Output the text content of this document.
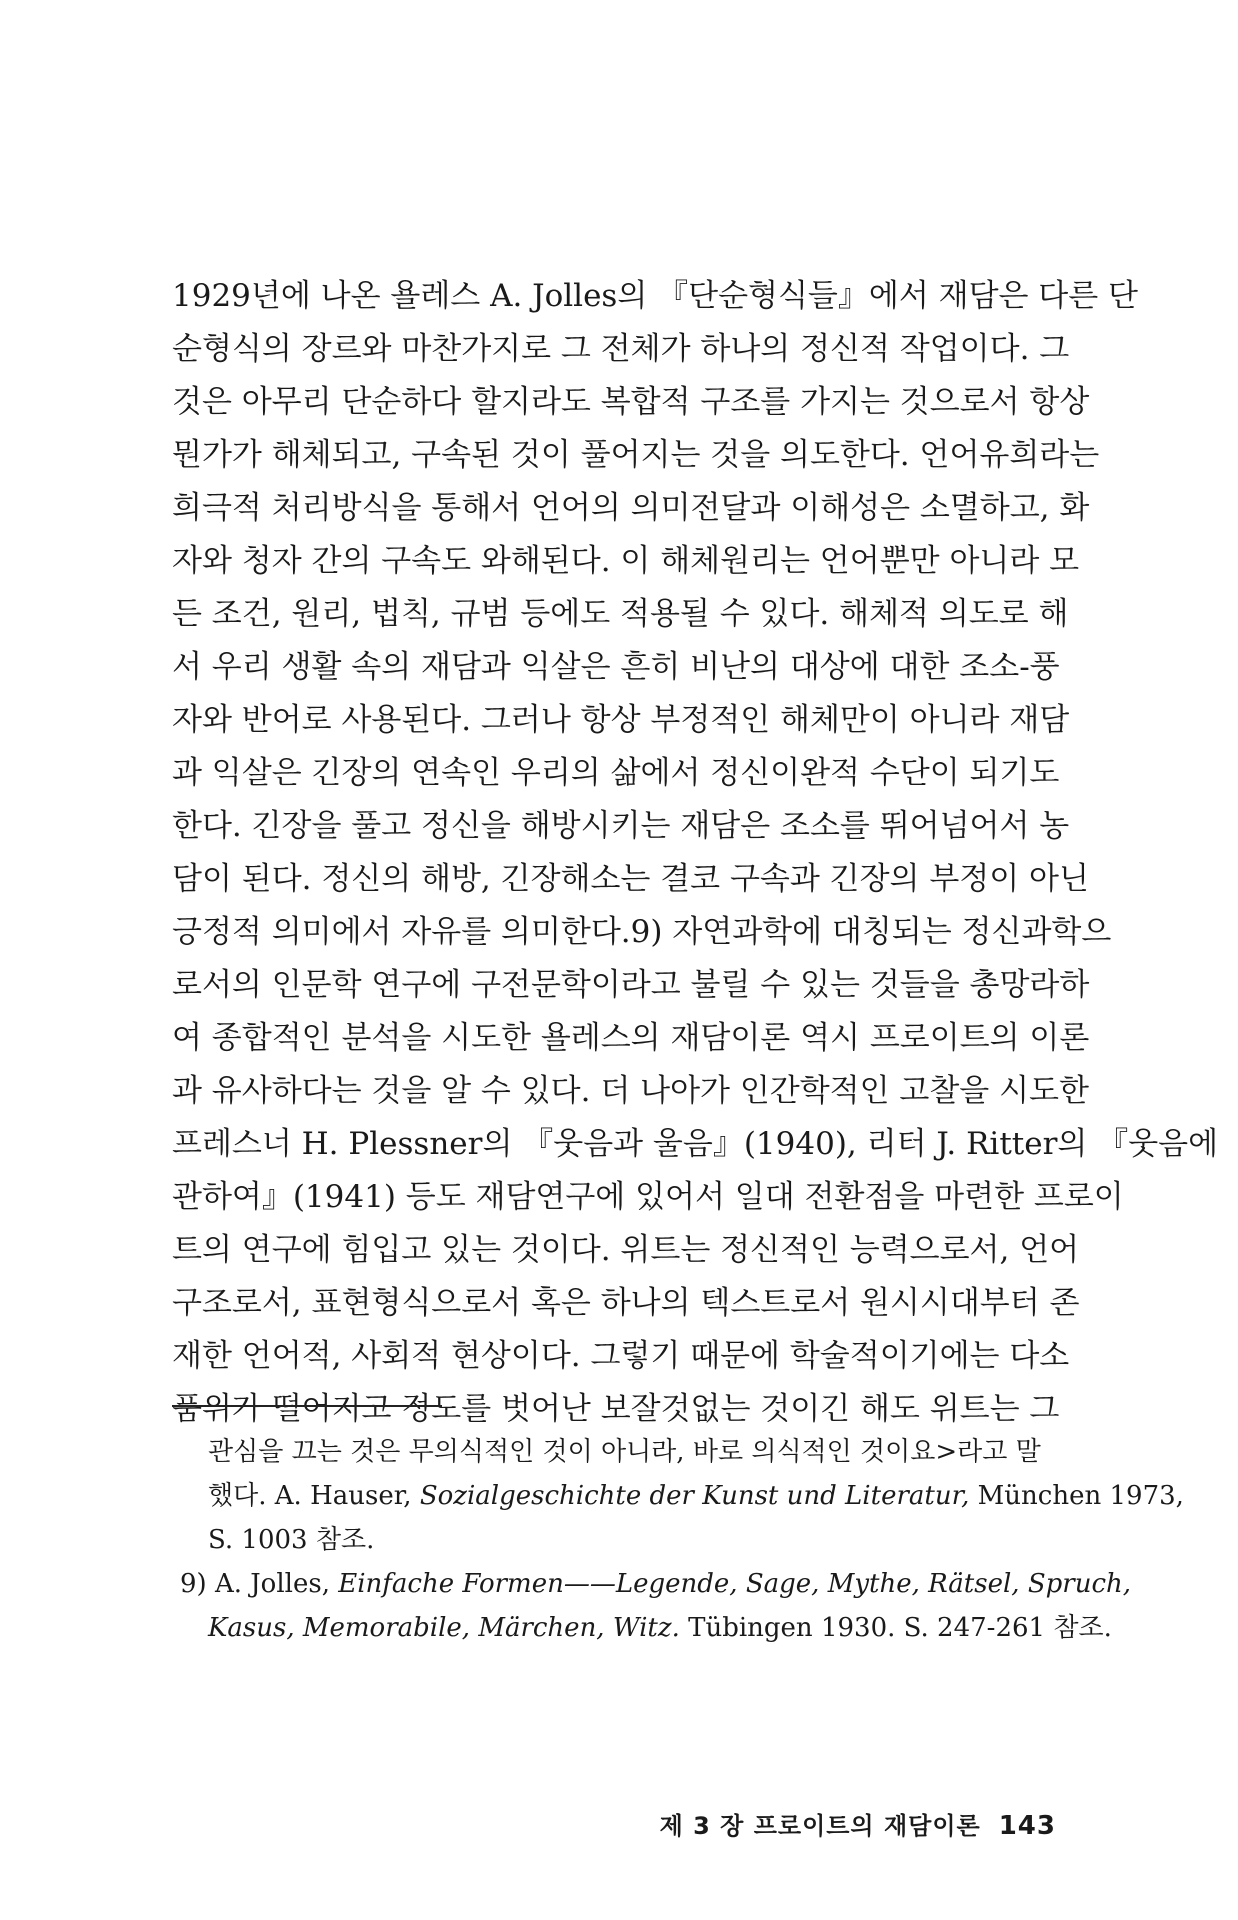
1929년에 나온 욜레스 A. Jolles의 『단순형식들』에서 재담은 다른 단
순형식의 장르와 마찬가지로 그 전체가 하나의 정신적 작업이다. 그
것은 아무리 단순하다 할지라도 복합적 구조를 가지는 것으로서 항상
뭔가가 해체되고, 구속된 것이 풀어지는 것을 의도한다. 언어유희라는
희극적 처리방식을 통해서 언어의 의미전달과 이해성은 소멸하고, 화
자와 청자 간의 구속도 와해된다. 이 해체원리는 언어뿐만 아니라 모
든 조건, 원리, 법칙, 규범 등에도 적용될 수 있다. 해체적 의도로 해
서 우리 생활 속의 재담과 익살은 흔히 비난의 대상에 대한 조소-풍
자와 반어로 사용된다. 그러나 항상 부정적인 해체만이 아니라 재담
과 익살은 긴장의 연속인 우리의 삶에서 정신이완적 수단이 되기도
한다. 긴장을 풀고 정신을 해방시키는 재담은 조소를 뛰어넘어서 농
담이 된다. 정신의 해방, 긴장해소는 결코 구속과 긴장의 부정이 아닌
긍정적 의미에서 자유를 의미한다.9) 자연과학에 대칭되는 정신과학으
로서의 인문학 연구에 구전문학이라고 불릴 수 있는 것들을 총망라하
여 종합적인 분석을 시도한 욜레스의 재담이론 역시 프로이트의 이론
과 유사하다는 것을 알 수 있다. 더 나아가 인간학적인 고찰을 시도한
프레스너 H. Plessner의 『웃음과 울음』(1940), 리터 J. Ritter의 『웃음에
관하여』(1941) 등도 재담연구에 있어서 일대 전환점을 마련한 프로이
트의 연구에 힘입고 있는 것이다. 위트는 정신적인 능력으로서, 언어
구조로서, 표현형식으로서 혹은 하나의 텍스트로서 원시시대부터 존
재한 언어적, 사회적 현상이다. 그렇기 때문에 학술적이기에는 다소
품위가 떨어지고 정도를 벗어난 보잘것없는 것이긴 해도 위트는 그
관심을 끄는 것은 무의식적인 것이 아니라, 바로 의식적인 것이요>라고 말
했다. A. Hauser, Sozialgeschichte der Kunst und Literatur, München 1973,
S. 1003 참조.
9) A. Jolles, Einfache Formen——Legende, Sage, Mythe, Rätsel, Spruch,
Kasus, Memorabile, Märchen, Witz. Tübingen 1930. S. 247-261 참조.
제 3 장 프로이트의 재담이론 143
